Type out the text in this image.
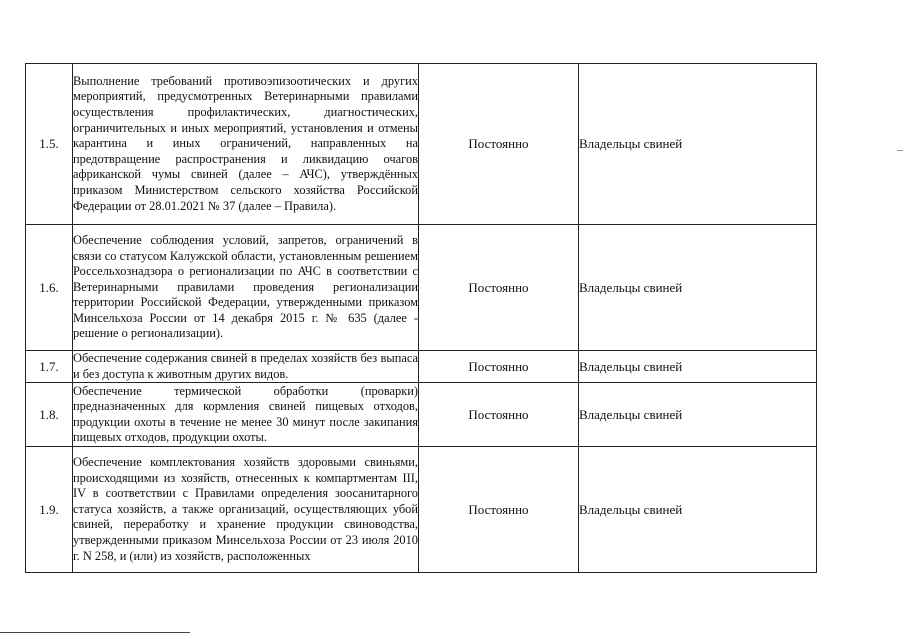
1.5.	Выполнение требований противоэпизоотических и других мероприятий, предусмотренных Ветеринарными правилами осуществления профилактических, диагностических, ограничительных и иных мероприятий, установления и отмены карантина и иных ограничений, направленных на предотвращение распространения и ликвидацию очагов африканской чумы свиней (далее – АЧС), утверждённых приказом Министерством сельского хозяйства Российской Федерации от 28.01.2021 № 37 (далее – Правила).	Постоянно	Владельцы свиней
1.6.	Обеспечение соблюдения условий, запретов, ограничений в связи со статусом Калужской области, установленным решением Россельхознадзора о регионализации по АЧС в соответствии с Ветеринарными правилами проведения регионализации территории Российской Федерации, утвержденными приказом Минсельхоза России от 14 декабря 2015 г. № 635 (далее - решение о регионализации).	Постоянно	Владельцы свиней
1.7.	Обеспечение содержания свиней в пределах хозяйств без выпаса и без доступа к животным других видов.	Постоянно	Владельцы свиней
1.8.	Обеспечение термической обработки (проварки) предназначенных для кормления свиней пищевых отходов, продукции охоты в течение не менее 30 минут после закипания пищевых отходов, продукции охоты.	Постоянно	Владельцы свиней
1.9.	Обеспечение комплектования хозяйств здоровыми свиньями, происходящими из хозяйств, отнесенных к компартментам III, IV в соответствии с Правилами определения зоосанитарного статуса хозяйств, а также организаций, осуществляющих убой свиней, переработку и хранение продукции свиноводства, утвержденными приказом Минсельхоза России от 23 июля 2010 г. N 258, и (или) из хозяйств, расположенных	Постоянно	Владельцы свиней
